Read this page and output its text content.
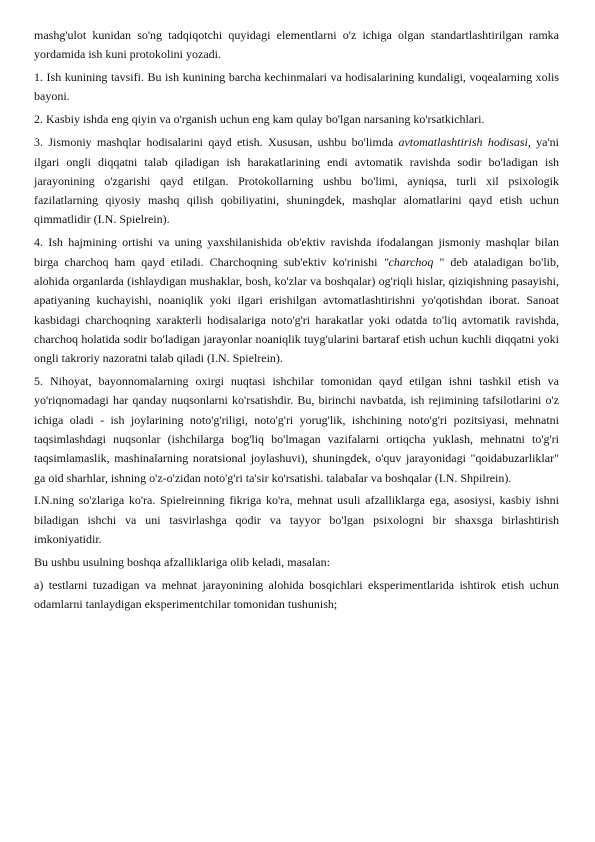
mashg'ulot kunidan so'ng tadqiqotchi quyidagi elementlarni o'z ichiga olgan standartlashtirilgan ramka yordamida ish kuni protokolini yozadi.

1. Ish kunining tavsifi. Bu ish kunining barcha kechinmalari va hodisalarining kundaligi, voqealarning xolis bayoni.

2. Kasbiy ishda eng qiyin va o'rganish uchun eng kam qulay bo'lgan narsaning ko'rsatkichlari.

3. Jismoniy mashqlar hodisalarini qayd etish. Xususan, ushbu bo'limda avtomatlashtirish hodisasi, ya'ni ilgari ongli diqqatni talab qiladigan ish harakatlarining endi avtomatik ravishda sodir bo'ladigan ish jarayonining o'zgarishi qayd etilgan. Protokollarning ushbu bo'limi, ayniqsa, turli xil psixologik fazilatlarning qiyosiy mashq qilish qobiliyatini, shuningdek, mashqlar alomatlarini qayd etish uchun qimmatlidir (I.N. Spielrein).

4. Ish hajmining ortishi va uning yaxshilanishida ob'ektiv ravishda ifodalangan jismoniy mashqlar bilan birga charchoq ham qayd etiladi. Charchoqning sub'ektiv ko'rinishi "charchoq " deb ataladigan bo'lib, alohida organlarda (ishlaydigan mushaklar, bosh, ko'zlar va boshqalar) og'riqli hislar, qiziqishning pasayishi, apatiyaning kuchayishi, noaniqlik yoki ilgari erishilgan avtomatlashtirishni yo'qotishdan iborat. Sanoat kasbidagi charchoqning xarakterli hodisalariga noto'g'ri harakatlar yoki odatda to'liq avtomatik ravishda, charchoq holatida sodir bo'ladigan jarayonlar noaniqlik tuyg'ularini bartaraf etish uchun kuchli diqqatni yoki ongli takroriy nazoratni talab qiladi (I.N. Spielrein).

5. Nihoyat, bayonnomalarning oxirgi nuqtasi ishchilar tomonidan qayd etilgan ishni tashkil etish va yo'riqnomadagi har qanday nuqsonlarni ko'rsatishdir. Bu, birinchi navbatda, ish rejimining tafsilotlarini o'z ichiga oladi - ish joylarining noto'g'riligi, noto'g'ri yorug'lik, ishchining noto'g'ri pozitsiyasi, mehnatni taqsimlashdagi nuqsonlar (ishchilarga bog'liq bo'lmagan vazifalarni ortiqcha yuklash, mehnatni to'g'ri taqsimlamaslik, mashinalarning noratsional joylashuvi), shuningdek, o'quv jarayonidagi "qoidabuzarliklar" ga oid sharhlar, ishning o'z-o'zidan noto'g'ri ta'sir ko'rsatishi. talabalar va boshqalar (I.N. Shpilrein).

I.N.ning so'zlariga ko'ra. Spielreinning fikriga ko'ra, mehnat usuli afzalliklarga ega, asosiysi, kasbiy ishni biladigan ishchi va uni tasvirlashga qodir va tayyor bo'lgan psixologni bir shaxsga birlashtirish imkoniyatidir.

Bu ushbu usulning boshqa afzalliklariga olib keladi, masalan:

a) testlarni tuzadigan va mehnat jarayonining alohida bosqichlari eksperimentlarida ishtirok etish uchun odamlarni tanlaydigan eksperimentchilar tomonidan tushunish;
